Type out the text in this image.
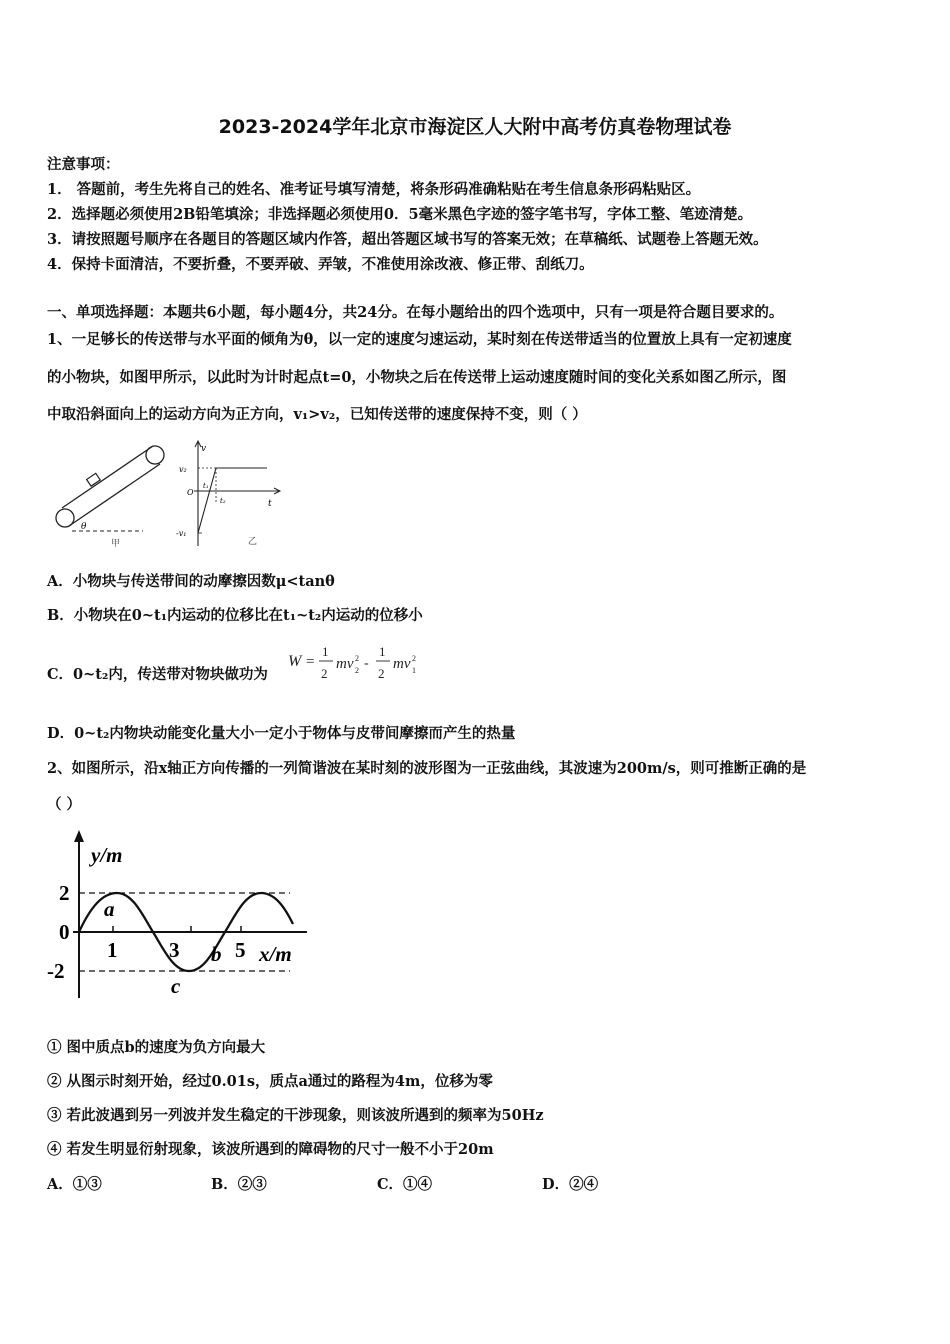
2023-2024学年北京市海淀区人大附中高考仿真卷物理试卷
注意事项：
1． 答题前，考生先将自己的姓名、准考证号填写清楚，将条形码准确粘贴在考生信息条形码粘贴区。
2．选择题必须使用2B铅笔填涂；非选择题必须使用0．5毫米黑色字迹的签字笔书写，字体工整、笔迹清楚。
3．请按照题号顺序在各题目的答题区域内作答，超出答题区域书写的答案无效；在草稿纸、试题卷上答题无效。
4．保持卡面清洁，不要折叠，不要弄破、弄皱，不准使用涂改液、修正带、刮纸刀。
一、单项选择题：本题共6小题，每小题4分，共24分。在每小题给出的四个选项中，只有一项是符合题目要求的。
1、一足够长的传送带与水平面的倾角为θ，以一定的速度匀速运动，某时刻在传送带适当的位置放上具有一定初速度
的小物块，如图甲所示，以此时为计时起点t=0，小物块之后在传送带上运动速度随时间的变化关系如图乙所示，图
中取沿斜面向上的运动方向为正方向，v₁>v₂，已知传送带的速度保持不变，则（ ）
θ
甲
v
t
v₂
O
t₁
t₂
-v₁
乙
A．小物块与传送带间的动摩擦因数μ<tanθ
B．小物块在0~t₁内运动的位移比在t₁~t₂内运动的位移小
C．0~t₂内，传送带对物块做功为
W =
1
2
mv 2
2 -
1
2
mv 2
1
D．0~t₂内物块动能变化量大小一定小于物体与皮带间摩擦而产生的热量
2、如图所示，沿x轴正方向传播的一列简谐波在某时刻的波形图为一正弦曲线，其波速为200m/s，则可推断正确的是
（ ）
y/m
x/m
2
0
-2
1 3	5
a
b
c
① 图中质点b的速度为负方向最大
② 从图示时刻开始，经过0.01s，质点a通过的路程为4m，位移为零
③ 若此波遇到另一列波并发生稳定的干涉现象，则该波所遇到的频率为50Hz
④ 若发生明显衍射现象，该波所遇到的障碍物的尺寸一般不小于20m
A．①③	B．②③	C．①④	D．②④
